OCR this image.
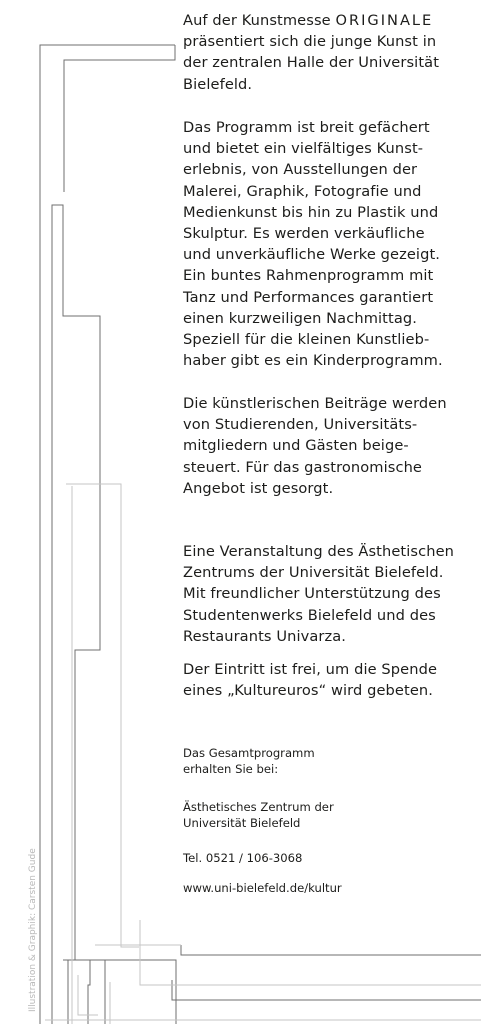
Auf der Kunstmesse ORIGINALE
präsentiert sich die junge Kunst in
der zentralen Halle der Universität
Bielefeld.

Das Programm ist breit gefächert
und bietet ein vielfältiges Kunst-
erlebnis, von Ausstellungen der
Malerei, Graphik, Fotografie und
Medienkunst bis hin zu Plastik und
Skulptur. Es werden verkäufliche
und unverkäufliche Werke gezeigt.
Ein buntes Rahmenprogramm mit
Tanz und Performances garantiert
einen kurzweiligen Nachmittag.
Speziell für die kleinen Kunstlieb-
haber gibt es ein Kinderprogramm.

Die künstlerischen Beiträge werden
von Studierenden, Universitäts-
mitgliedern und Gästen beige-
steuert. Für das gastronomische
Angebot ist gesorgt.

Eine Veranstaltung des Ästhetischen
Zentrums der Universität Bielefeld.
Mit freundlicher Unterstützung des
Studentenwerks Bielefeld und des
Restaurants Univarza.

Der Eintritt ist frei, um die Spende
eines „Kultureuros“ wird gebeten.

Das Gesamtprogramm
erhalten Sie bei:

Ästhetisches Zentrum der
Universität Bielefeld

Tel. 0521 / 106-3068

www.uni-bielefeld.de/kultur

Illustration & Graphik: Carsten Gude
